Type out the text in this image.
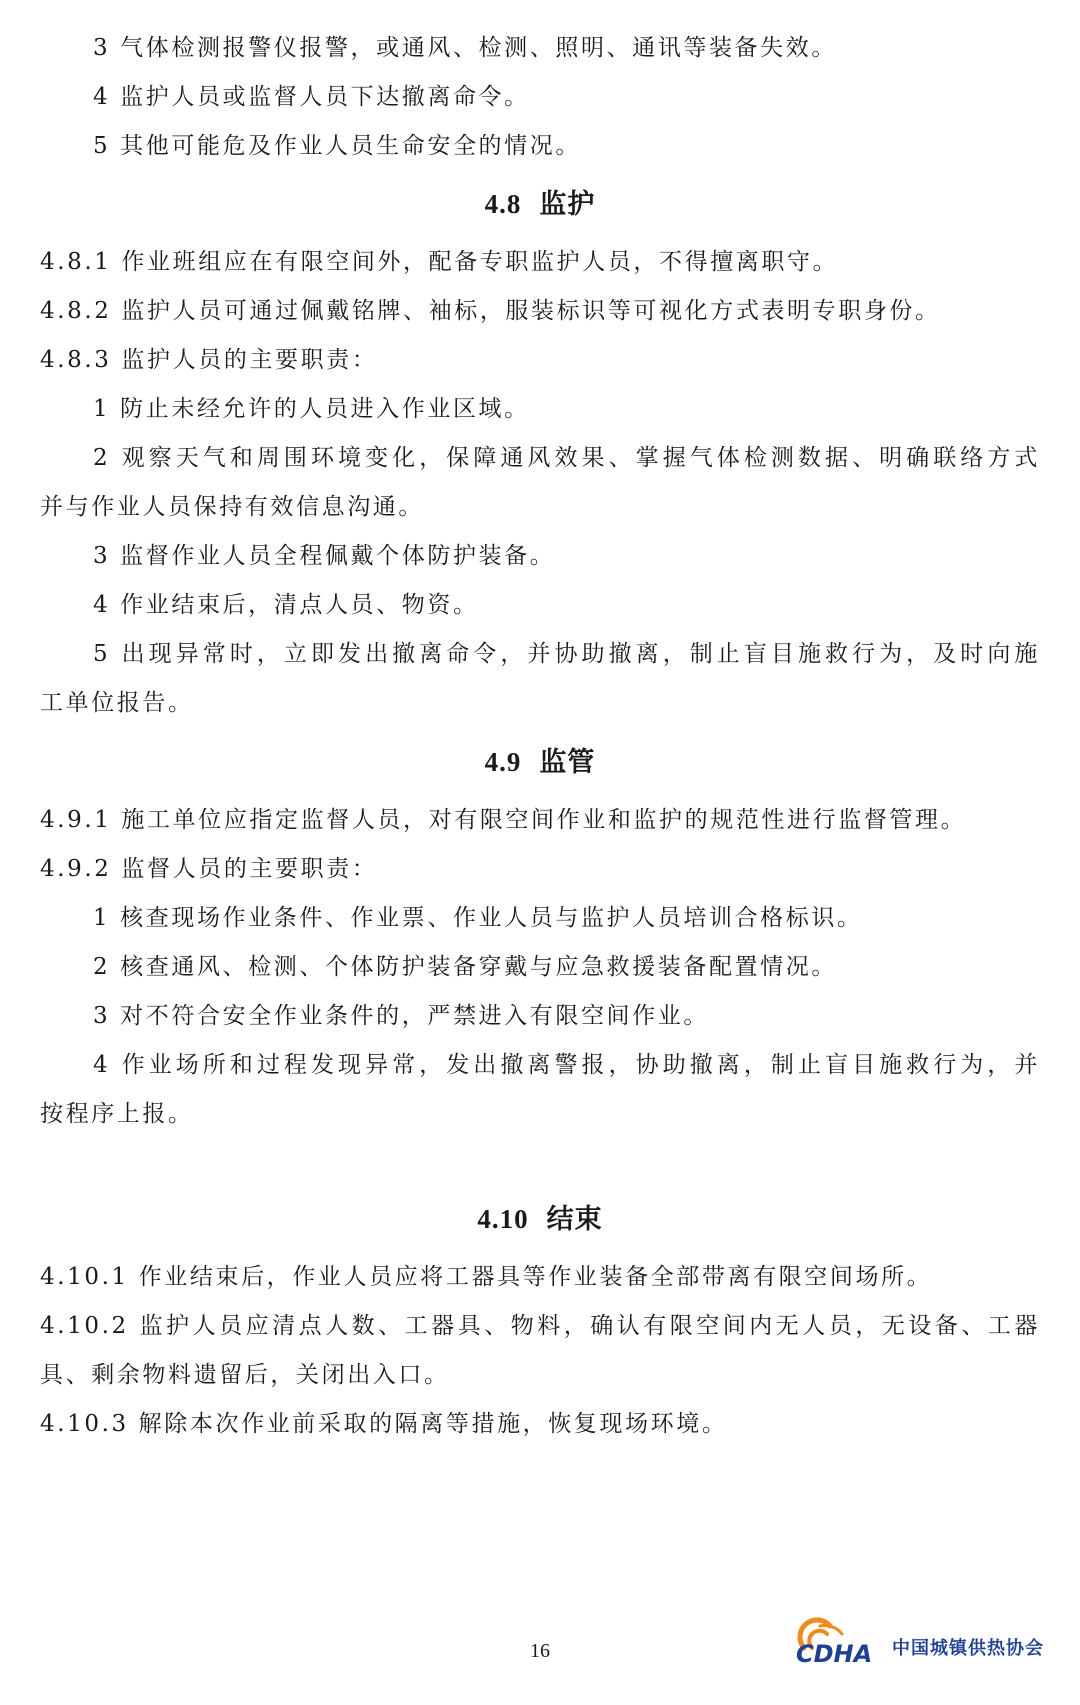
3 气体检测报警仪报警，或通风、检测、照明、通讯等装备失效。
4 监护人员或监督人员下达撤离命令。
5 其他可能危及作业人员生命安全的情况。
4.8 监护
4.8.1 作业班组应在有限空间外，配备专职监护人员，不得擅离职守。
4.8.2 监护人员可通过佩戴铭牌、袖标，服装标识等可视化方式表明专职身份。
4.8.3 监护人员的主要职责：
1 防止未经允许的人员进入作业区域。
2 观察天气和周围环境变化，保障通风效果、掌握气体检测数据、明确联络方式
并与作业人员保持有效信息沟通。
3 监督作业人员全程佩戴个体防护装备。
4 作业结束后，清点人员、物资。
5 出现异常时，立即发出撤离命令，并协助撤离，制止盲目施救行为，及时向施
工单位报告。
4.9 监管
4.9.1 施工单位应指定监督人员，对有限空间作业和监护的规范性进行监督管理。
4.9.2 监督人员的主要职责：
1 核查现场作业条件、作业票、作业人员与监护人员培训合格标识。
2 核查通风、检测、个体防护装备穿戴与应急救援装备配置情况。
3 对不符合安全作业条件的，严禁进入有限空间作业。
4 作业场所和过程发现异常，发出撤离警报，协助撤离，制止盲目施救行为，并
按程序上报。
4.10 结束
4.10.1 作业结束后，作业人员应将工器具等作业装备全部带离有限空间场所。
4.10.2 监护人员应清点人数、工器具、物料，确认有限空间内无人员，无设备、工器
具、剩余物料遗留后，关闭出入口。
4.10.3 解除本次作业前采取的隔离等措施，恢复现场环境。
16	CDHA 中国城镇供热协会
